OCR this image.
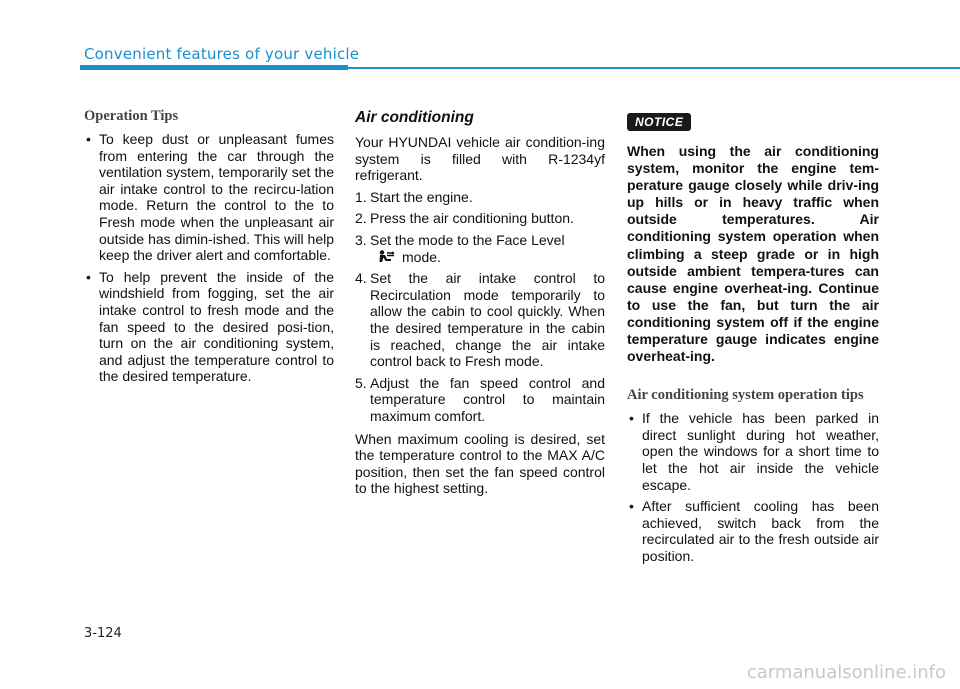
Convenient features of your vehicle
Operation Tips
• To keep dust or unpleasant fumes from entering the car through the ventilation system, temporarily set the air intake control to the recircu-lation mode. Return the control to the to Fresh mode when the unpleasant air outside has dimin-ished. This will help keep the driver alert and comfortable.
• To help prevent the inside of the windshield from fogging, set the air intake control to fresh mode and the fan speed to the desired posi-tion, turn on the air conditioning system, and adjust the temperature control to the desired temperature.
Air conditioning

Your HYUNDAI vehicle air condition-ing system is filled with R-1234yf refrigerant.

1. Start the engine.
2. Press the air conditioning button.
3. Set the mode to the Face Level
mode.
4. Set the air intake control to Recirculation mode temporarily to allow the cabin to cool quickly. When the desired temperature in the cabin is reached, change the air intake control back to Fresh mode.
5. Adjust the fan speed control and temperature control to maintain maximum comfort.

When maximum cooling is desired, set the temperature control to the MAX A/C position, then set the fan speed control to the highest setting.

NOTICE

When using the air conditioning system, monitor the engine tem-perature gauge closely while driv-ing up hills or in heavy traffic when outside temperatures. Air conditioning system operation when climbing a steep grade or in high outside ambient tempera-tures can cause engine overheat-ing. Continue to use the fan, but turn the air conditioning system off if the engine temperature gauge indicates engine overheat-ing.

Air conditioning system operation tips
• If the vehicle has been parked in direct sunlight during hot weather, open the windows for a short time to let the hot air inside the vehicle escape.
• After sufficient cooling has been achieved, switch back from the recirculated air to the fresh outside air position.
3-124
carmanualsonline.info
